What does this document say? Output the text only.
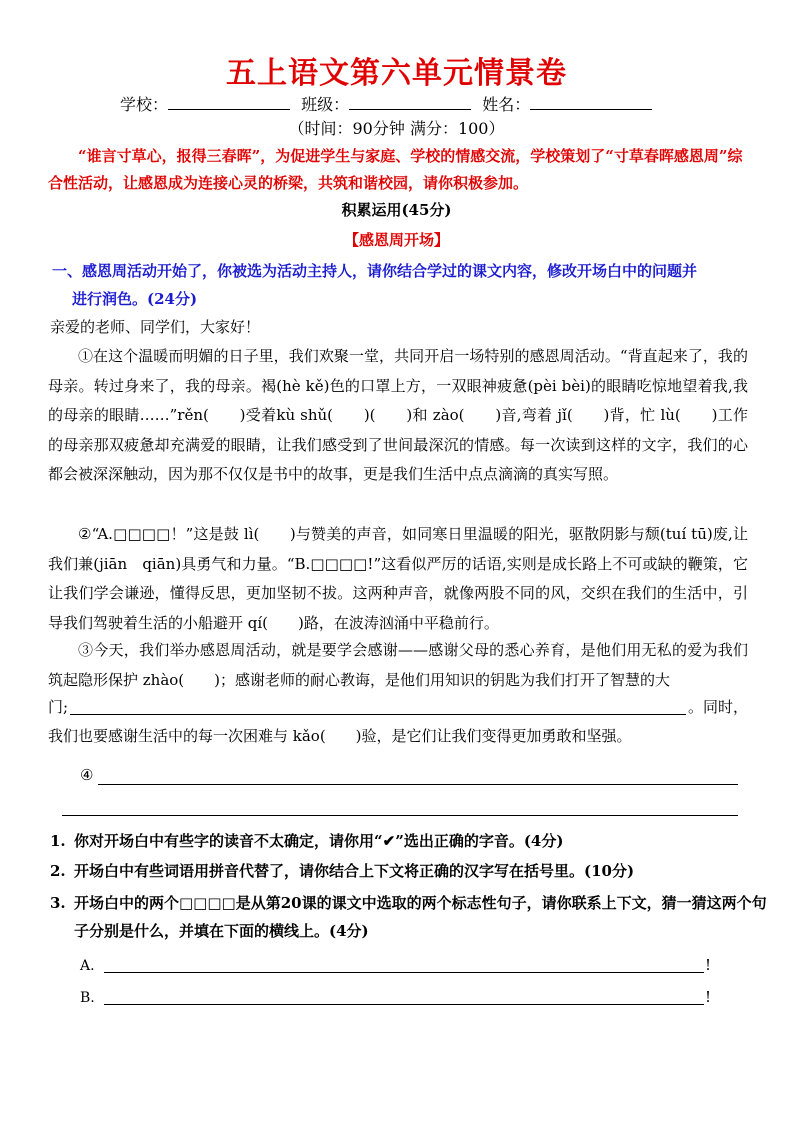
五上语文第六单元情景卷
学校：	班级：	姓名：
（时间：90分钟 满分：100）
“谁言寸草心，报得三春晖”，为促进学生与家庭、学校的情感交流，学校策划了“寸草春晖感恩周”综合性活动，让感恩成为连接心灵的桥梁，共筑和谐校园，请你积极参加。
积累运用(45分)
【感恩周开场】
一、感恩周活动开始了，你被选为活动主持人，请你结合学过的课文内容，修改开场白中的问题并
进行润色。(24分)
亲爱的老师、同学们，大家好！

①在这个温暖而明媚的日子里，我们欢聚一堂，共同开启一场特别的感恩周活动。“背直起来了，我的母亲。转过身来了，我的母亲。褐(hè kě)色的口罩上方，一双眼神疲惫(pèi bèi)的眼睛吃惊地望着我,我的母亲的眼睛……”rěn(　　)受着kù shǔ(　　)(　　)和 zào(　　)音,弯着 jǐ(　　)背，忙 lù(　　)工作的母亲那双疲惫却充满爱的眼睛，让我们感受到了世间最深沉的情感。每一次读到这样的文字，我们的心都会被深深触动，因为那不仅仅是书中的故事，更是我们生活中点点滴滴的真实写照。

②“A.□□□□！”这是鼓 lì(　　)与赞美的声音，如同寒日里温暖的阳光，驱散阴影与颓(tuí tū)废,让我们兼(jiān　qiān)具勇气和力量。“B.□□□□!”这看似严厉的话语,实则是成长路上不可或缺的鞭策，它让我们学会谦逊，懂得反思，更加坚韧不拔。这两种声音，就像两股不同的风，交织在我们的生活中，引导我们驾驶着生活的小船避开 qí(　　)路，在波涛汹涌中平稳前行。

③今天，我们举办感恩周活动，就是要学会感谢——感谢父母的悉心养育，是他们用无私的爱为我们筑起隐形保护 zhào(　　)；感谢老师的耐心教诲，是他们用知识的钥匙为我们打开了智慧的大

门;	。同时，
我们也要感谢生活中的每一次困难与 kǎo(　　)验，是它们让我们变得更加勇敢和坚强。
④
1. 你对开场白中有些字的读音不太确定，请你用“✔”选出正确的字音。(4分)
2. 开场白中有些词语用拼音代替了，请你结合上下文将正确的汉字写在括号里。(10分)
3. 开场白中的两个□□□□是从第20课的课文中选取的两个标志性句子，请你联系上下文，猜一猜这两个句子分别是什么，并填在下面的横线上。(4分)
A.	!
B.	!
